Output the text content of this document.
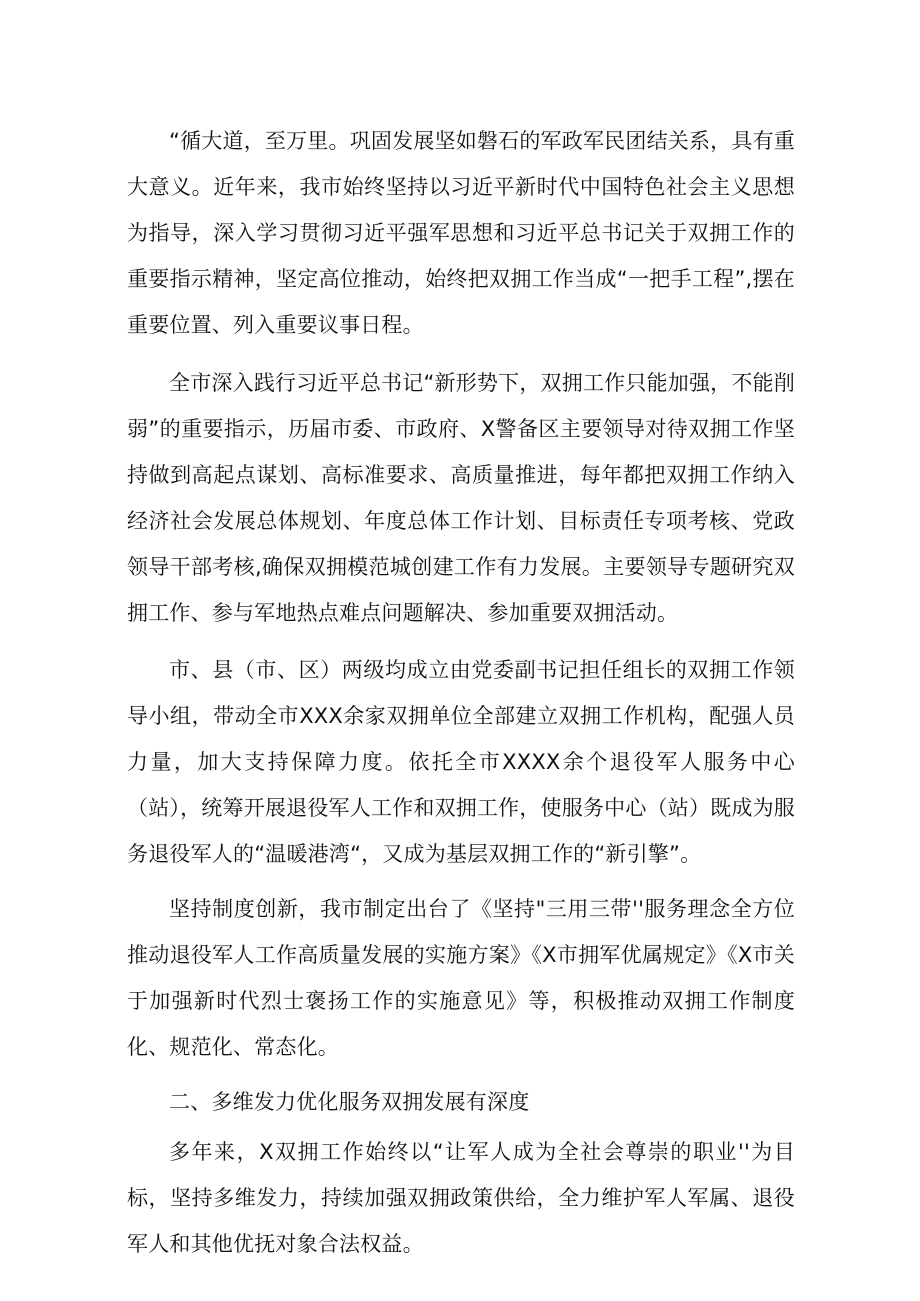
“循大道，至万里。巩固发展坚如磐石的军政军民团结关系，具有重大意义。近年来，我市始终坚持以习近平新时代中国特色社会主义思想为指导，深入学习贯彻习近平强军思想和习近平总书记关于双拥工作的重要指示精神，坚定高位推动，始终把双拥工作当成“一把手工程”,摆在重要位置、列入重要议事日程。

全市深入践行习近平总书记“新形势下，双拥工作只能加强，不能削弱”的重要指示，历届市委、市政府、X警备区主要领导对待双拥工作坚持做到高起点谋划、高标准要求、高质量推进，每年都把双拥工作纳入经济社会发展总体规划、年度总体工作计划、目标责任专项考核、党政领导干部考核,确保双拥模范城创建工作有力发展。主要领导专题研究双拥工作、参与军地热点难点问题解决、参加重要双拥活动。

市、县（市、区）两级均成立由党委副书记担任组长的双拥工作领导小组，带动全市XXX余家双拥单位全部建立双拥工作机构，配强人员力量，加大支持保障力度。依托全市XXXX余个退役军人服务中心（站），统筹开展退役军人工作和双拥工作，使服务中心（站）既成为服务退役军人的“温暖港湾“，又成为基层双拥工作的“新引擎”。

坚持制度创新，我市制定出台了《坚持"三用三带''服务理念全方位推动退役军人工作高质量发展的实施方案》《X市拥军优属规定》《X市关于加强新时代烈士褒扬工作的实施意见》等，积极推动双拥工作制度化、规范化、常态化。

二、多维发力优化服务双拥发展有深度

多年来，X双拥工作始终以“让军人成为全社会尊崇的职业''为目标，坚持多维发力，持续加强双拥政策供给，全力维护军人军属、退役军人和其他优抚对象合法权益。
